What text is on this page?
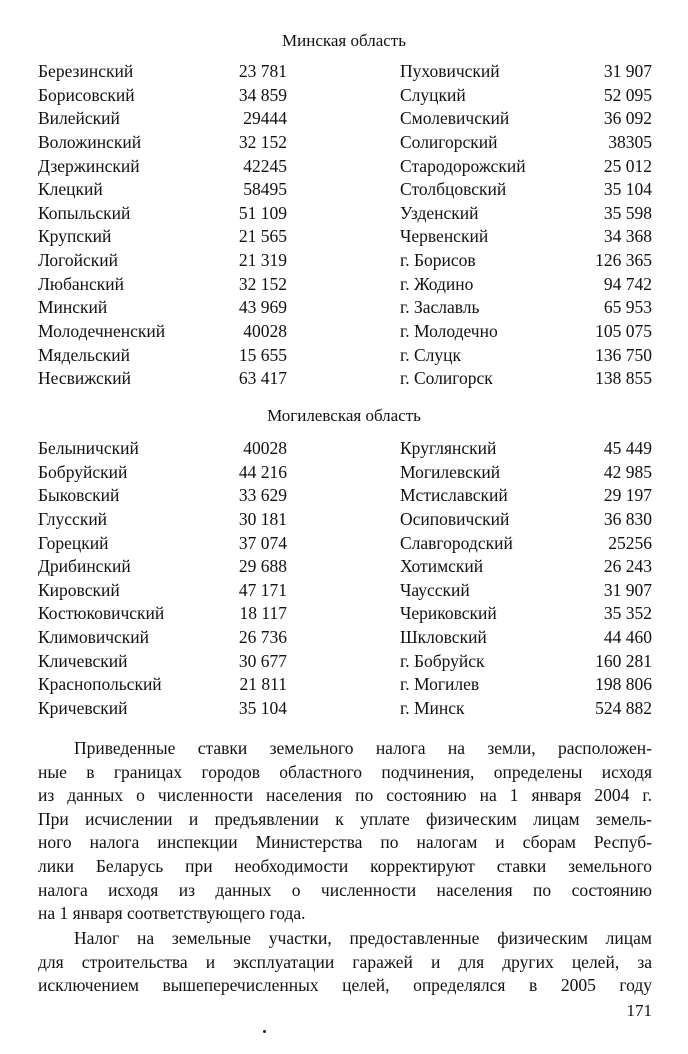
Минская область
Березинский	23 781	Пуховичский	31 907
Борисовский	34 859	Слуцкий	52 095
Вилейский	29444	Смолевичский	36 092
Воложинский	32 152	Солигорский	38305
Дзержинский	42245	Стародорожский	25 012
Клецкий	58495	Столбцовский	35 104
Копыльский	51 109	Узденский	35 598
Крупский	21 565	Червенский	34 368
Логойский	21 319	г. Борисов	126 365
Любанский	32 152	г. Жодино	94 742
Минский	43 969	г. Заславль	65 953
Молодечненский	40028	г. Молодечно	105 075
Мядельский	15 655	г. Слуцк	136 750
Несвижский	63 417	г. Солигорск	138 855
Могилевская область
Белыничский	40028	Круглянский	45 449
Бобруйский	44 216	Могилевский	42 985
Быковский	33 629	Мстиславский	29 197
Глусский	30 181	Осиповичский	36 830
Горецкий	37 074	Славгородский	25256
Дрибинский	29 688	Хотимский	26 243
Кировский	47 171	Чаусский	31 907
Костюковичский	18 117	Чериковский	35 352
Климовичский	26 736	Шкловский	44 460
Кличевский	30 677	г. Бобруйск	160 281
Краснопольский	21 811	г. Могилев	198 806
Кричевский	35 104	г. Минск	524 882
Приведенные ставки земельного налога на земли, расположен-
ные в границах городов областного подчинения, определены исходя
из данных о численности населения по состоянию на 1 января 2004 г.
При исчислении и предъявлении к уплате физическим лицам земель-
ного налога инспекции Министерства по налогам и сборам Респуб-
лики Беларусь при необходимости корректируют ставки земельного
налога исходя из данных о численности населения по состоянию
на 1 января соответствующего года.
Налог на земельные участки, предоставленные физическим лицам
для строительства и эксплуатации гаражей и для других целей, за
исключением вышеперечисленных целей, определялся в 2005 году
171
